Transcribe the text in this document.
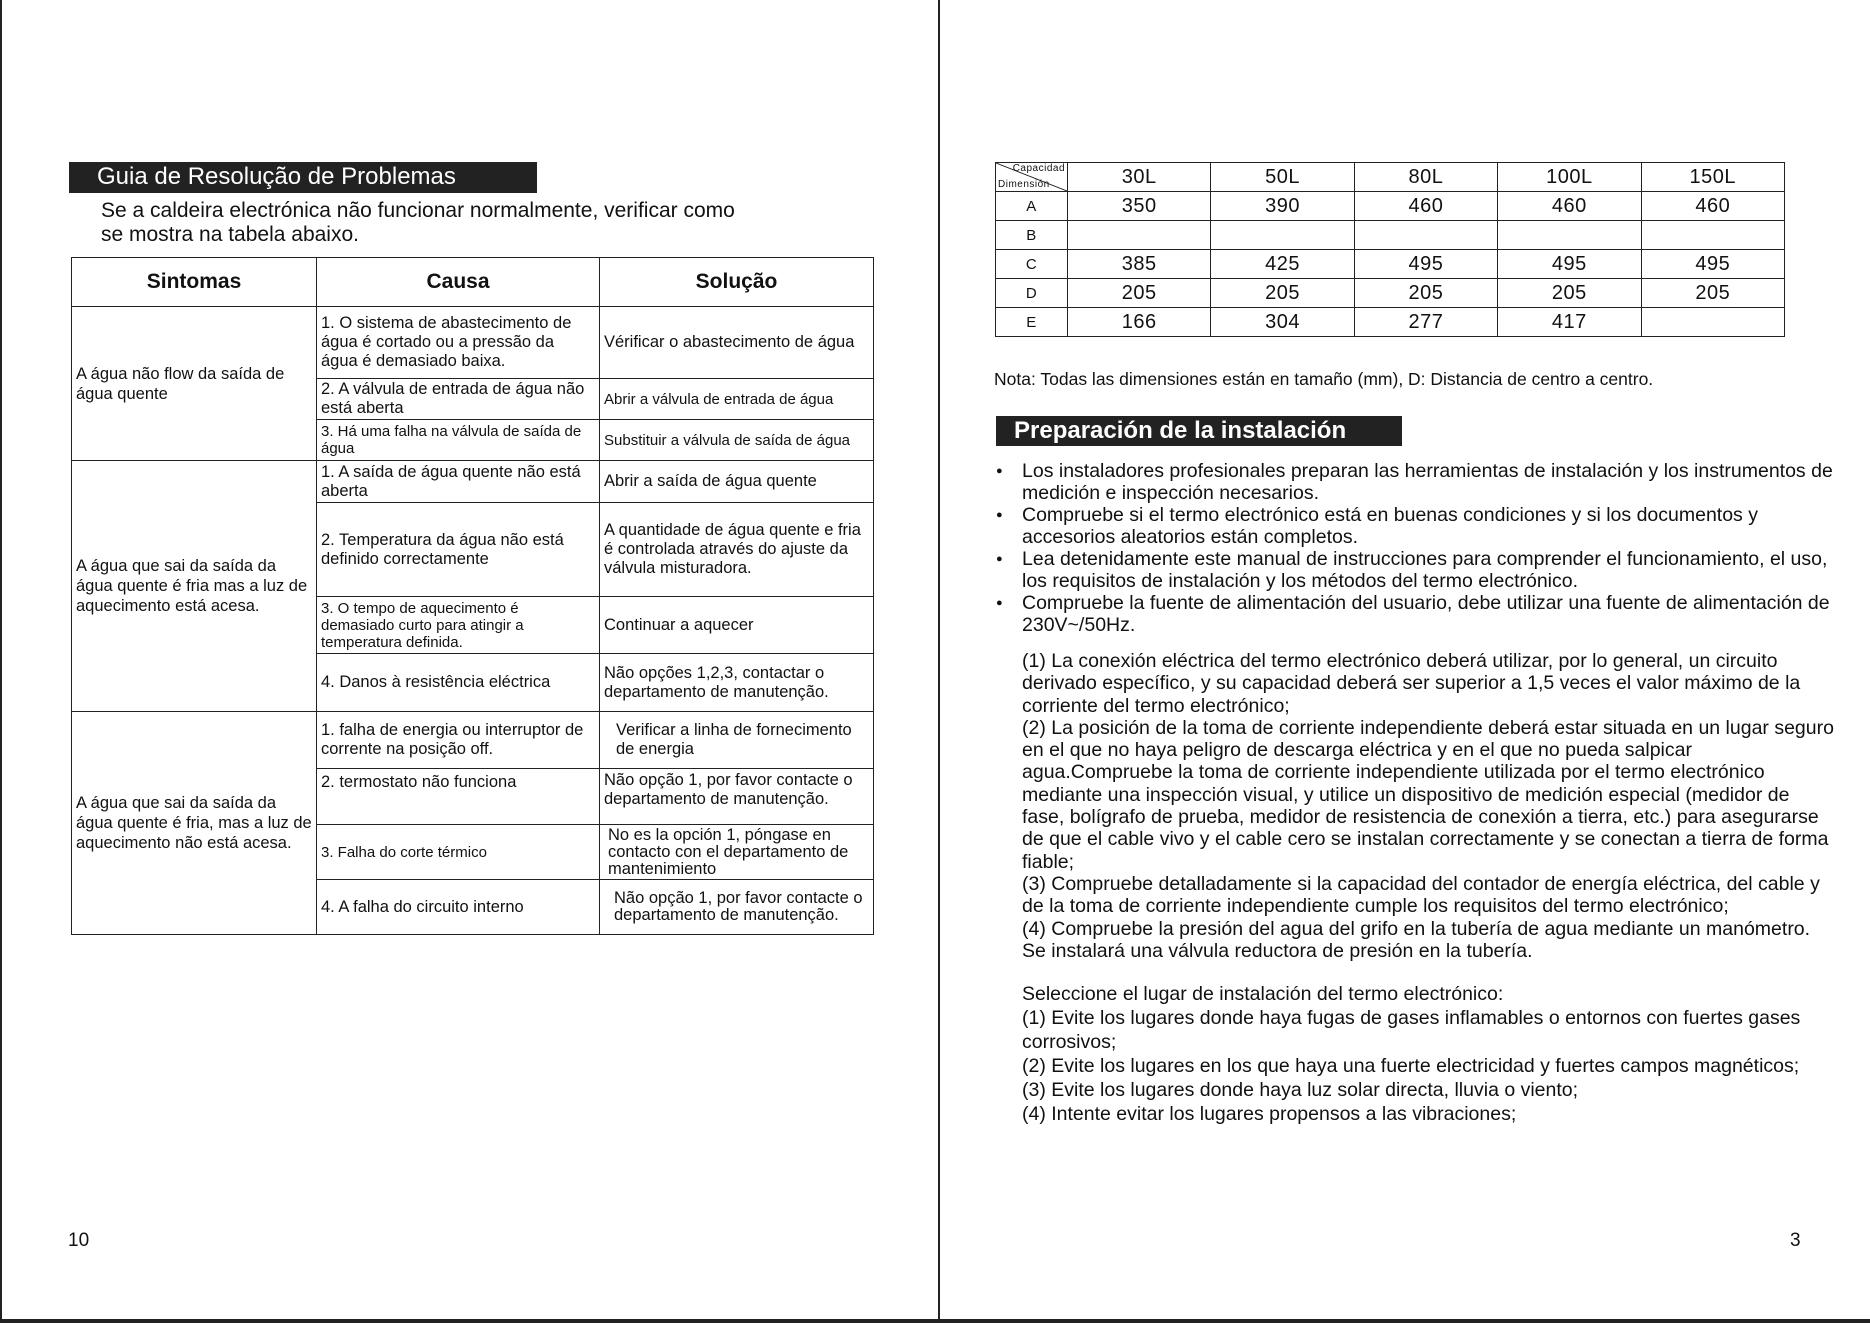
Guia de Resolução de Problemas
Se a caldeira electrónica não funcionar normalmente, verificar como
se mostra na tabela abaixo.
Sintomas	Causa	Solução
A água não flow da saída de água quente	1. O sistema de abastecimento de água é cortado ou a pressão da água é demasiado baixa.	Vérificar o abastecimento de água
	2. A válvula de entrada de água não está aberta	Abrir a válvula de entrada de água
	3. Há uma falha na válvula de saída de água	Substituir a válvula de saída de água
A água que sai da saída da água quente é fria mas a luz de aquecimento está acesa.	1. A saída de água quente não está aberta	Abrir a saída de água quente
	2. Temperatura da água não está definido correctamente	A quantidade de água quente e fria é controlada através do ajuste da válvula misturadora.
	3. O tempo de aquecimento é demasiado curto para atingir a temperatura definida.	Continuar a aquecer
	4. Danos à resistência eléctrica	Não opções 1,2,3, contactar o departamento de manutenção.
A água que sai da saída da água quente é fria, mas a luz de aquecimento não está acesa.	1. falha de energia ou interruptor de corrente na posição off.	Verificar a linha de fornecimento de energia
	2. termostato não funciona	Não opção 1, por favor contacte o departamento de manutenção.
	3. Falha do corte térmico	No es la opción 1, póngase en contacto con el departamento de mantenimiento
	4. A falha do circuito interno	Não opção 1, por favor contacte o departamento de manutenção.
10
Capacidad
Dimensión	30L	50L	80L	100L	150L
A	350	390	460	460	460
B					
C	385	425	495	495	495
D	205	205	205	205	205
E	166	304	277	417	
Nota: Todas las dimensiones están en tamaño (mm), D: Distancia de centro a centro.
Preparación de la instalación
● Los instaladores profesionales preparan las herramientas de instalación y los instrumentos de medición e inspección necesarios.
● Compruebe si el termo electrónico está en buenas condiciones y si los documentos y accesorios aleatorios están completos.
● Lea detenidamente este manual de instrucciones para comprender el funcionamiento, el uso, los requisitos de instalación y los métodos del termo electrónico.
● Compruebe la fuente de alimentación del usuario, debe utilizar una fuente de alimentación de 230V~/50Hz.

(1) La conexión eléctrica del termo electrónico deberá utilizar, por lo general, un circuito derivado específico, y su capacidad deberá ser superior a 1,5 veces el valor máximo de la corriente del termo electrónico;

(2) La posición de la toma de corriente independiente deberá estar situada en un lugar seguro en el que no haya peligro de descarga eléctrica y en el que no pueda salpicar agua.Compruebe la toma de corriente independiente utilizada por el termo electrónico mediante una inspección visual, y utilice un dispositivo de medición especial (medidor de fase, bolígrafo de prueba, medidor de resistencia de conexión a tierra, etc.) para asegurarse de que el cable vivo y el cable cero se instalan correctamente y se conectan a tierra de forma fiable;

(3) Compruebe detalladamente si la capacidad del contador de energía eléctrica, del cable y de la toma de corriente independiente cumple los requisitos del termo electrónico;

(4) Compruebe la presión del agua del grifo en la tubería de agua mediante un manómetro. Se instalará una válvula reductora de presión en la tubería.

Seleccione el lugar de instalación del termo electrónico:

(1) Evite los lugares donde haya fugas de gases inflamables o entornos con fuertes gases corrosivos;

(2) Evite los lugares en los que haya una fuerte electricidad y fuertes campos magnéticos;

(3) Evite los lugares donde haya luz solar directa, lluvia o viento;

(4) Intente evitar los lugares propensos a las vibraciones;

3
